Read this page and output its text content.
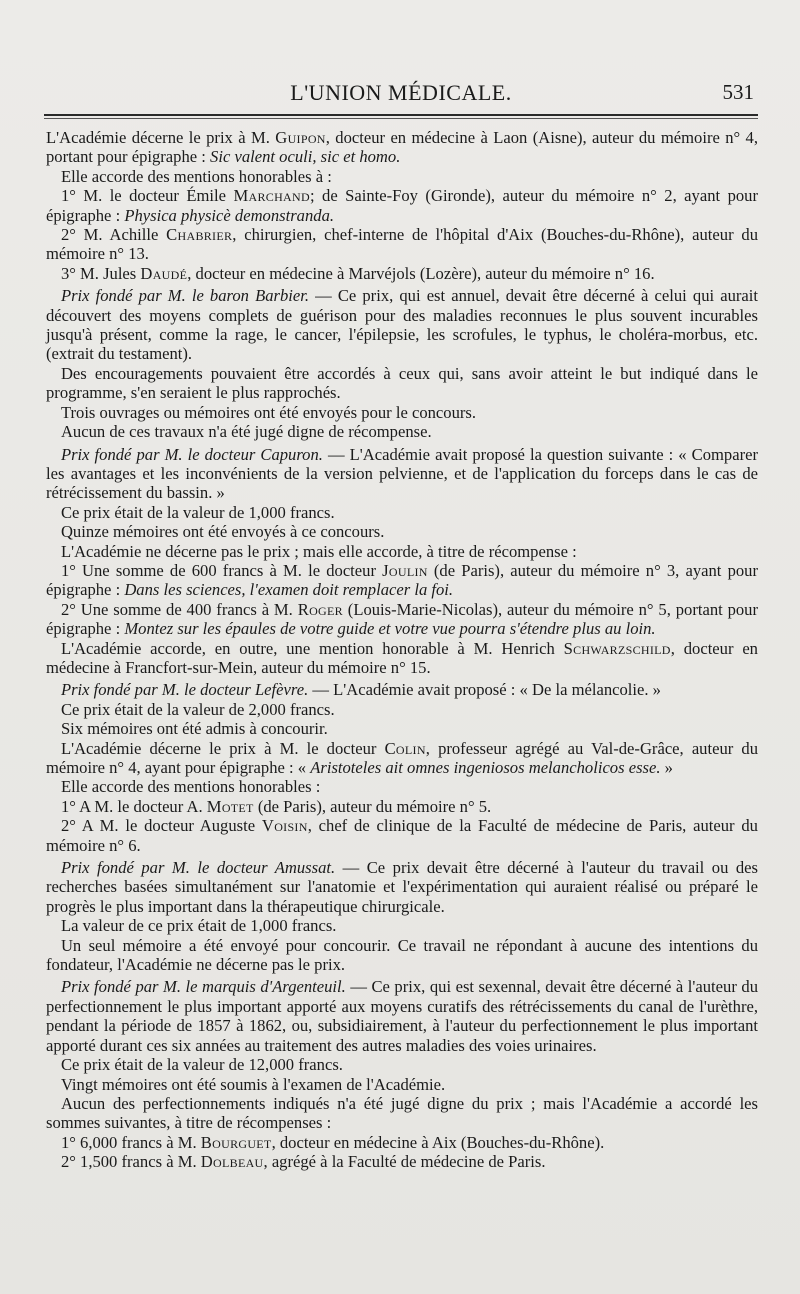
L'UNION MÉDICALE.	531

L'Académie décerne le prix à M. Guipon, docteur en médecine à Laon (Aisne), auteur du mémoire n° 4, portant pour épigraphe : Sic valent oculi, sic et homo.

Elle accorde des mentions honorables à :

1° M. le docteur Émile Marchand; de Sainte-Foy (Gironde), auteur du mémoire n° 2, ayant pour épigraphe : Physica physicè demonstranda.

2° M. Achille Chabrier, chirurgien, chef-interne de l'hôpital d'Aix (Bouches-du-Rhône), auteur du mémoire n° 13.

3° M. Jules Daudé, docteur en médecine à Marvéjols (Lozère), auteur du mémoire n° 16.

Prix fondé par M. le baron Barbier. — Ce prix, qui est annuel, devait être décerné à celui qui aurait découvert des moyens complets de guérison pour des maladies reconnues le plus souvent incurables jusqu'à présent, comme la rage, le cancer, l'épilepsie, les scrofules, le typhus, le choléra-morbus, etc. (extrait du testament).

Des encouragements pouvaient être accordés à ceux qui, sans avoir atteint le but indiqué dans le programme, s'en seraient le plus rapprochés.

Trois ouvrages ou mémoires ont été envoyés pour le concours.

Aucun de ces travaux n'a été jugé digne de récompense.

Prix fondé par M. le docteur Capuron. — L'Académie avait proposé la question suivante : « Comparer les avantages et les inconvénients de la version pelvienne, et de l'application du forceps dans le cas de rétrécissement du bassin. »

Ce prix était de la valeur de 1,000 francs.

Quinze mémoires ont été envoyés à ce concours.

L'Académie ne décerne pas le prix ; mais elle accorde, à titre de récompense :

1° Une somme de 600 francs à M. le docteur Joulin (de Paris), auteur du mémoire n° 3, ayant pour épigraphe : Dans les sciences, l'examen doit remplacer la foi.

2° Une somme de 400 francs à M. Roger (Louis-Marie-Nicolas), auteur du mémoire n° 5, portant pour épigraphe : Montez sur les épaules de votre guide et votre vue pourra s'étendre plus au loin.

L'Académie accorde, en outre, une mention honorable à M. Henrich Schwarzschild, docteur en médecine à Francfort-sur-Mein, auteur du mémoire n° 15.

Prix fondé par M. le docteur Lefèvre. — L'Académie avait proposé : « De la mélancolie. »

Ce prix était de la valeur de 2,000 francs.

Six mémoires ont été admis à concourir.

L'Académie décerne le prix à M. le docteur Colin, professeur agrégé au Val-de-Grâce, auteur du mémoire n° 4, ayant pour épigraphe : « Aristoteles ait omnes ingeniosos melancholicos esse. »

Elle accorde des mentions honorables :

1° A M. le docteur A. Motet (de Paris), auteur du mémoire n° 5.

2° A M. le docteur Auguste Voisin, chef de clinique de la Faculté de médecine de Paris, auteur du mémoire n° 6.

Prix fondé par M. le docteur Amussat. — Ce prix devait être décerné à l'auteur du travail ou des recherches basées simultanément sur l'anatomie et l'expérimentation qui auraient réalisé ou préparé le progrès le plus important dans la thérapeutique chirurgicale.

La valeur de ce prix était de 1,000 francs.

Un seul mémoire a été envoyé pour concourir. Ce travail ne répondant à aucune des intentions du fondateur, l'Académie ne décerne pas le prix.

Prix fondé par M. le marquis d'Argenteuil. — Ce prix, qui est sexennal, devait être décerné à l'auteur du perfectionnement le plus important apporté aux moyens curatifs des rétrécissements du canal de l'urèthre, pendant la période de 1857 à 1862, ou, subsidiairement, à l'auteur du perfectionnement le plus important apporté durant ces six années au traitement des autres maladies des voies urinaires.

Ce prix était de la valeur de 12,000 francs.

Vingt mémoires ont été soumis à l'examen de l'Académie.

Aucun des perfectionnements indiqués n'a été jugé digne du prix ; mais l'Académie a accordé les sommes suivantes, à titre de récompenses :

1° 6,000 francs à M. Bourguet, docteur en médecine à Aix (Bouches-du-Rhône).

2° 1,500 francs à M. Dolbeau, agrégé à la Faculté de médecine de Paris.
